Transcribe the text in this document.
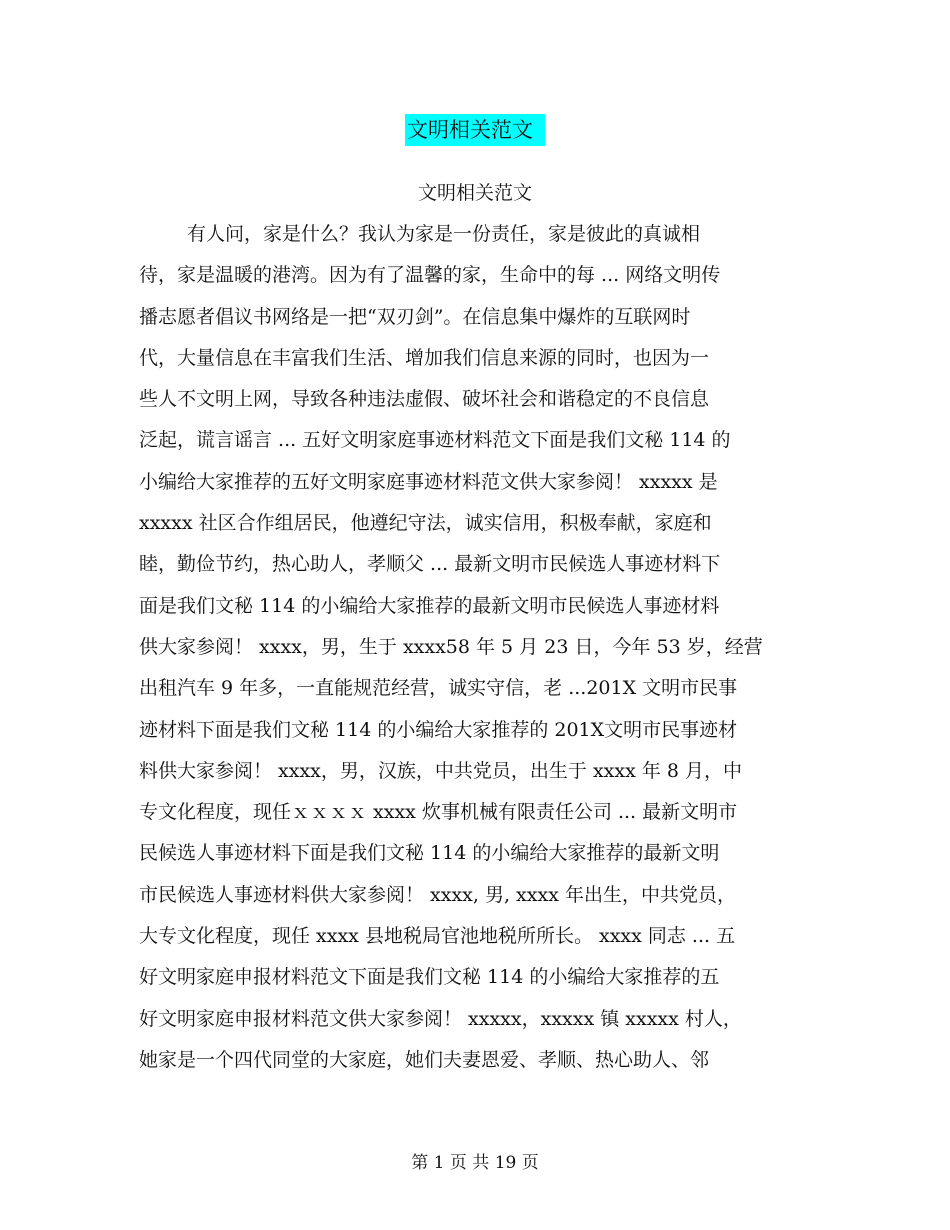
文明相关范文
文明相关范文
有人问，家是什么？我认为家是一份责任，家是彼此的真诚相
待，家是温暖的港湾。因为有了温馨的家，生命中的每 ... 网络文明传
播志愿者倡议书网络是一把“双刃剑”。在信息集中爆炸的互联网时
代，大量信息在丰富我们生活、增加我们信息来源的同时，也因为一
些人不文明上网，导致各种违法虚假、破坏社会和谐稳定的不良信息
泛起，谎言谣言 ... 五好文明家庭事迹材料范文下面是我们文秘 114 的
小编给大家推荐的五好文明家庭事迹材料范文供大家参阅！ xxxxx 是
xxxxx 社区合作组居民，他遵纪守法，诚实信用，积极奉献，家庭和
睦，勤俭节约，热心助人，孝顺父 ... 最新文明市民候选人事迹材料下
面是我们文秘 114 的小编给大家推荐的最新文明市民候选人事迹材料
供大家参阅！ xxxx，男，生于 xxxx58 年 5 月 23 日，今年 53 岁，经营
出租汽车 9 年多，一直能规范经营，诚实守信，老 ...201X 文明市民事
迹材料下面是我们文秘 114 的小编给大家推荐的 201X文明市民事迹材
料供大家参阅！ xxxx，男，汉族，中共党员，出生于 xxxx 年 8 月，中
专文化程度，现任ｘｘｘｘ xxxx 炊事机械有限责任公司 ... 最新文明市
民候选人事迹材料下面是我们文秘 114 的小编给大家推荐的最新文明
市民候选人事迹材料供大家参阅！ xxxx, 男, xxxx 年出生，中共党员，
大专文化程度，现任 xxxx 县地税局官池地税所所长。 xxxx 同志 ... 五
好文明家庭申报材料范文下面是我们文秘 114 的小编给大家推荐的五
好文明家庭申报材料范文供大家参阅！ xxxxx，xxxxx 镇 xxxxx 村人，
她家是一个四代同堂的大家庭，她们夫妻恩爱、孝顺、热心助人、邻
第 1 页 共 19 页
